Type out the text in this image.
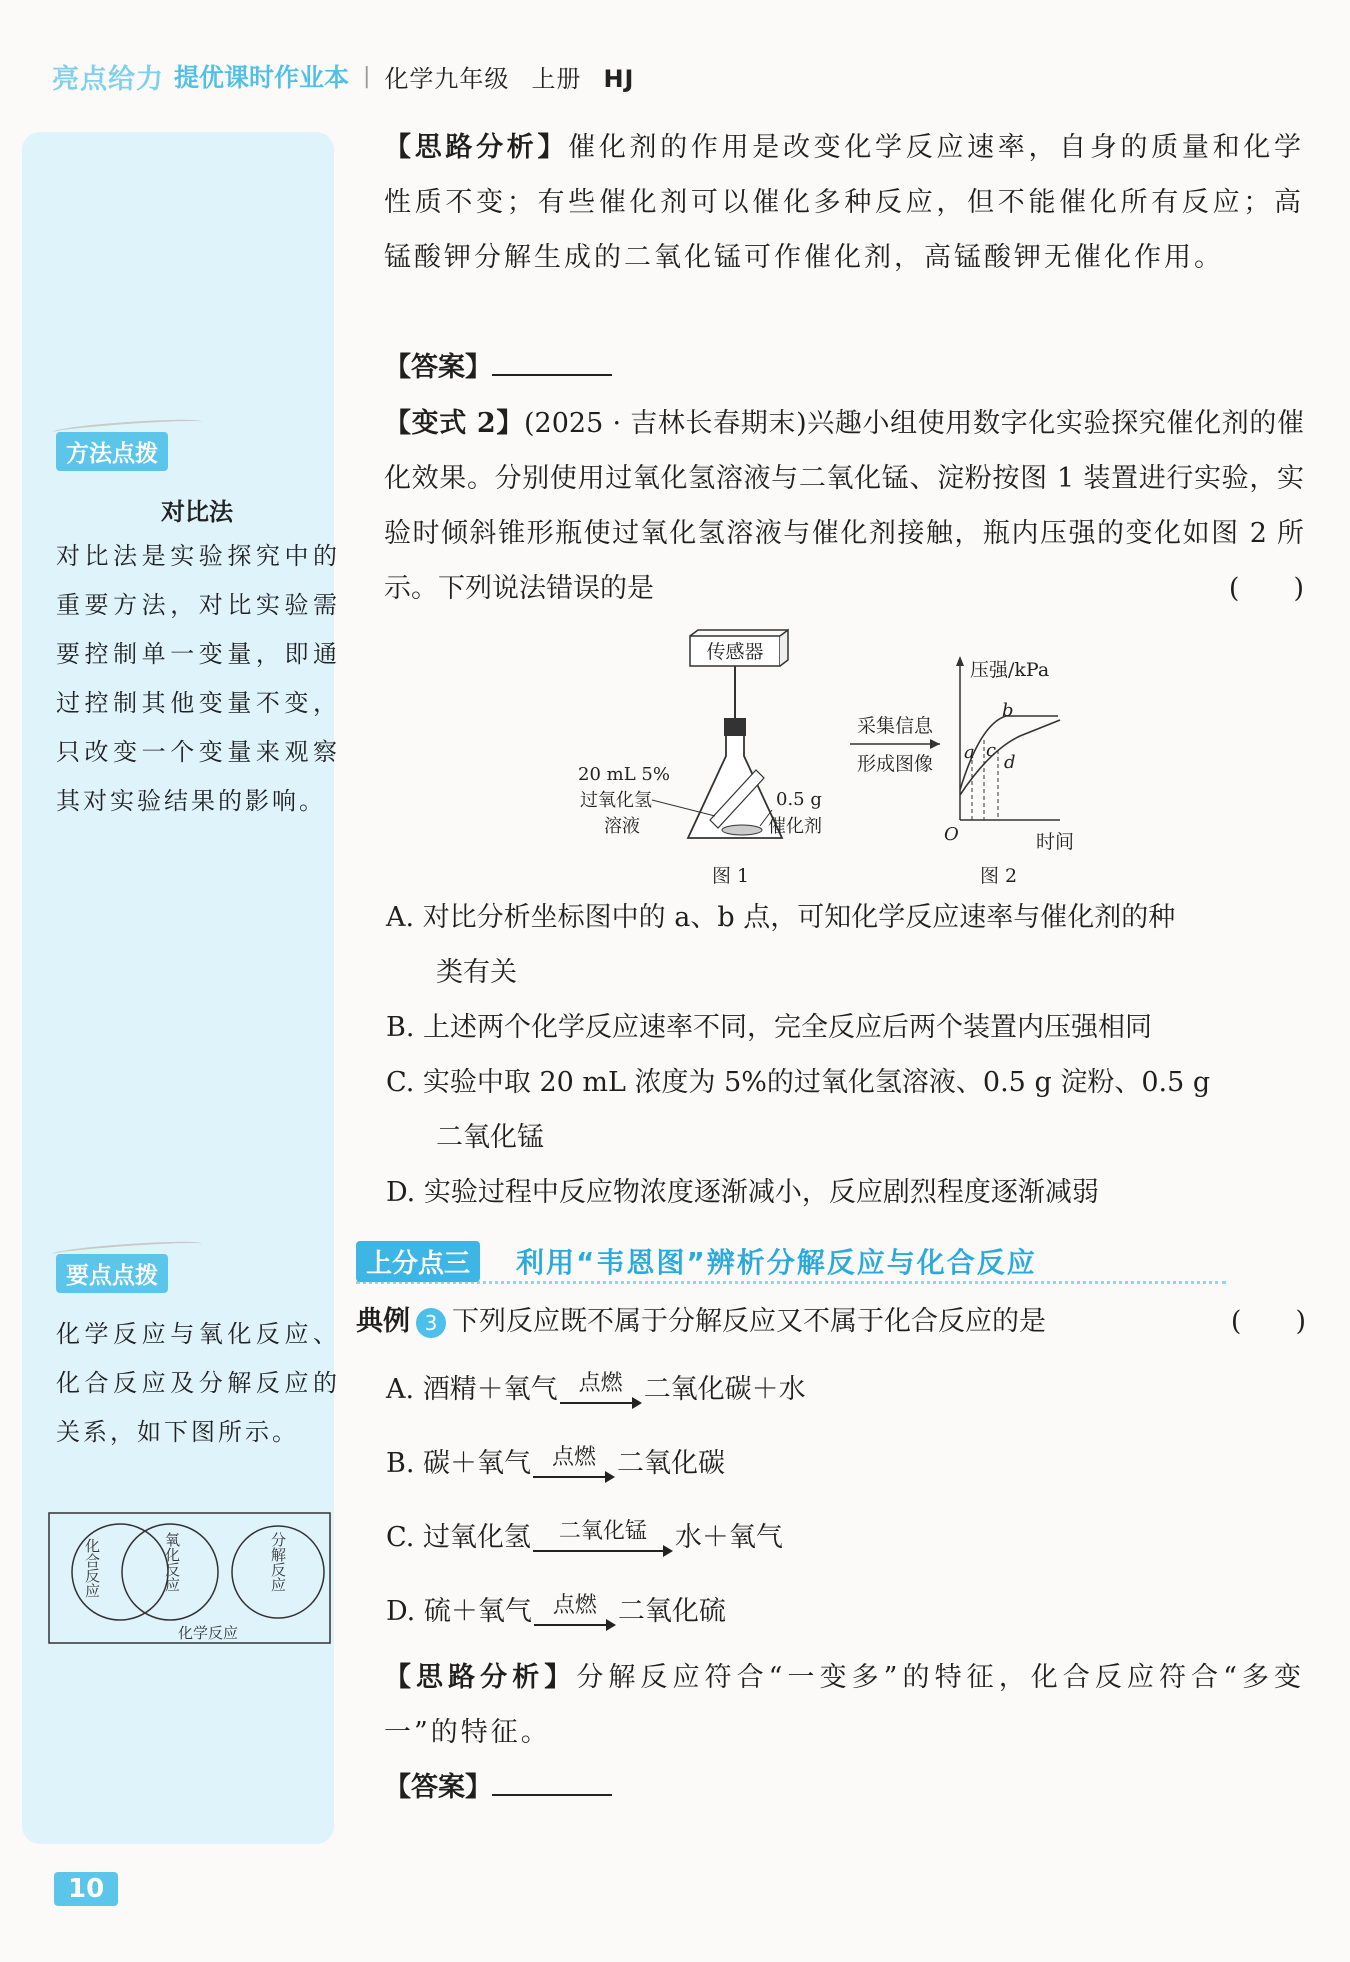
亮点给力 提优课时作业本 | 化学九年级 上册 HJ
方法点拨
对比法
对比法是实验探究中的重要方法，对比实验需要控制单一变量，即通过控制其他变量不变，只改变一个变量来观察其对实验结果的影响。
要点点拨
化学反应与氧化反应、化合反应及分解反应的关系，如下图所示。
化合反应	氧化反应	分解反应
化学反应
【思路分析】催化剂的作用是改变化学反应速率，自身的质量和化学性质不变；有些催化剂可以催化多种反应，但不能催化所有反应；高锰酸钾分解生成的二氧化锰可作催化剂，高锰酸钾无催化作用。
【答案】
【变式 2】(2025 · 吉林长春期末)兴趣小组使用数字化实验探究催化剂的催化效果。分别使用过氧化氢溶液与二氧化锰、淀粉按图 1 装置进行实验，实验时倾斜锥形瓶使过氧化氢溶液与催化剂接触，瓶内压强的变化如图 2 所示。下列说法错误的是	(　　)
传感器
20 mL 5%
过氧化氢
溶液
0.5 g
催化剂
采集信息
形成图像
压强/kPa
时间
O
a
b
c
d
图 1	图 2
A. 对比分析坐标图中的 a、b 点，可知化学反应速率与催化剂的种
类有关
B. 上述两个化学反应速率不同，完全反应后两个装置内压强相同
C. 实验中取 20 mL 浓度为 5%的过氧化氢溶液、0.5 g 淀粉、0.5 g
二氧化锰
D. 实验过程中反应物浓度逐渐减小，反应剧烈程度逐渐减弱
上分点三	利用“韦恩图”辨析分解反应与化合反应
典例 3 下列反应既不属于分解反应又不属于化合反应的是	(　　)
A.
酒精＋氧气 点燃 二氧化碳＋水
B.
碳＋氧气 点燃 二氧化碳
C.
过氧化氢 二氧化锰 水＋氧气
D.
硫＋氧气 点燃 二氧化硫
【思路分析】分解反应符合“一变多”的特征，化合反应符合“多变一”的特征。
【答案】
10
